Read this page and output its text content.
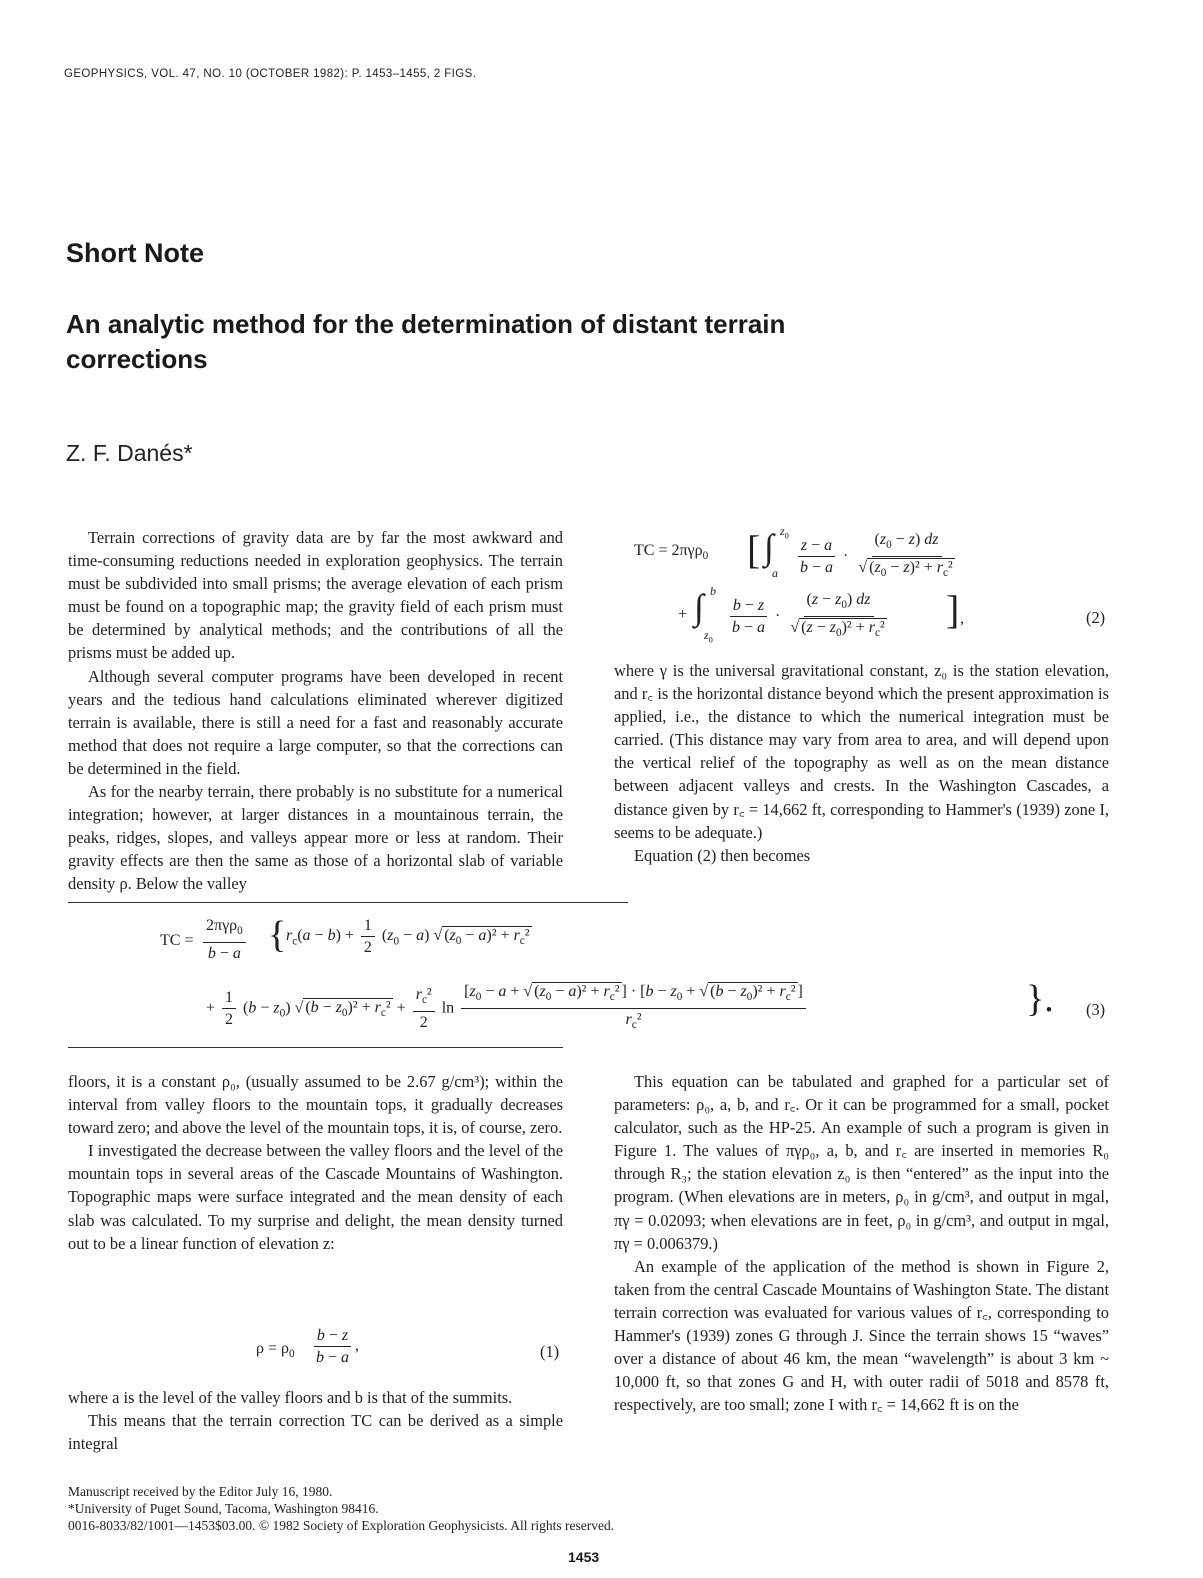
GEOPHYSICS, VOL. 47, NO. 10 (OCTOBER 1982): P. 1453–1455, 2 FIGS.
Short Note
An analytic method for the determination of distant terrain corrections
Z. F. Danés*

Terrain corrections of gravity data are by far the most awkward and time-consuming reductions needed in exploration geophysics. The terrain must be subdivided into small prisms; the average elevation of each prism must be found on a topographic map; the gravity field of each prism must be determined by analytical methods; and the contributions of all the prisms must be added up.

Although several computer programs have been developed in recent years and the tedious hand calculations eliminated wherever digitized terrain is available, there is still a need for a fast and reasonably accurate method that does not require a large computer, so that the corrections can be determined in the field.

As for the nearby terrain, there probably is no substitute for a numerical integration; however, at larger distances in a mountainous terrain, the peaks, ridges, slopes, and valleys appear more or less at random. Their gravity effects are then the same as those of a horizontal slab of variable density ρ. Below the valley

TC = 2πγρ$_0$ [ ∫ $z_0$
a $\frac{z - a}{b - a} \cdot \frac{(z_0 - z) dz}{√ (z_0 - z)^2 + r_c^2}$
+ ∫ b
$z_0$
$\frac{b - z}{b - a} \cdot \frac{(z - z_0) dz}{√ (z - z_0)^2 + r_c^2}$ ] ,	(2)

where γ is the universal gravitational constant, z₀ is the station elevation, and r꜀ is the horizontal distance beyond which the present approximation is applied, i.e., the distance to which the numerical integration must be carried. (This distance may vary from area to area, and will depend upon the vertical relief of the topography as well as on the mean distance between adjacent valleys and crests. In the Washington Cascades, a distance given by r꜀ = 14,662 ft, corresponding to Hammer's (1939) zone I, seems to be adequate.)

Equation (2) then becomes

TC = $\frac{2\pi\gamma\rho_0}{b - a}$ { $r_c(a - b) + \frac{1}{2} (z_0 - a)$ √ $(z_0 - a)^2 + r_c^2$
+ $\frac{1}{2} (b - z_0)$ √ $(b - z_0)^2 + r_c^2 + \frac{r_c^2}{2}$ $\ln \frac{[z_0 - a + √ (z_0 - a)^2 + r_c^2 ] \cdot [b - z_0 + √ (b - z_0)^2 + r_c^2 ]}{r_c^2}$	}. (3)

floors, it is a constant ρ₀, (usually assumed to be 2.67 g/cm³); within the interval from valley floors to the mountain tops, it gradually decreases toward zero; and above the level of the mountain tops, it is, of course, zero.

I investigated the decrease between the valley floors and the level of the mountain tops in several areas of the Cascade Mountains of Washington. Topographic maps were surface integrated and the mean density of each slab was calculated. To my surprise and delight, the mean density turned out to be a linear function of elevation z:

$\rho = \rho_0 \frac{b - z}{b - a}$ ,	(1)

where a is the level of the valley floors and b is that of the summits.

This means that the terrain correction TC can be derived as a simple integral

This equation can be tabulated and graphed for a particular set of parameters: ρ₀, a, b, and r꜀. Or it can be programmed for a small, pocket calculator, such as the HP-25. An example of such a program is given in Figure 1. The values of πγρ₀, a, b, and r꜀ are inserted in memories R₀ through R₃; the station elevation z₀ is then “entered” as the input into the program. (When elevations are in meters, ρ₀ in g/cm³, and output in mgal, πγ = 0.02093; when elevations are in feet, ρ₀ in g/cm³, and output in mgal, πγ = 0.006379.)

An example of the application of the method is shown in Figure 2, taken from the central Cascade Mountains of Washington State. The distant terrain correction was evaluated for various values of r꜀, corresponding to Hammer's (1939) zones G through J. Since the terrain shows 15 “waves” over a distance of about 46 km, the mean “wavelength” is about 3 km ~ 10,000 ft, so that zones G and H, with outer radii of 5018 and 8578 ft, respectively, are too small; zone I with r꜀ = 14,662 ft is on the

Manuscript received by the Editor July 16, 1980.
*University of Puget Sound, Tacoma, Washington 98416.
0016-8033/82/1001—1453$03.00. © 1982 Society of Exploration Geophysicists. All rights reserved.
1453
